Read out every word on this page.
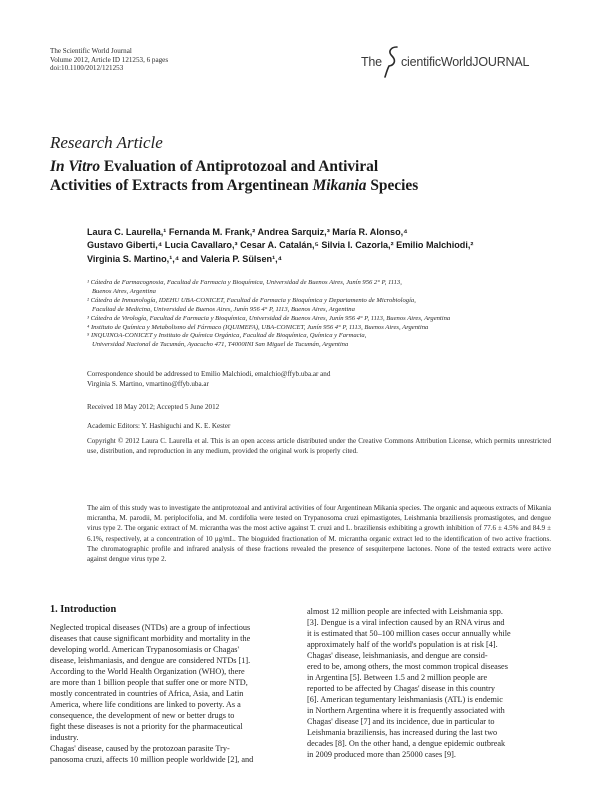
The Scientific World Journal
Volume 2012, Article ID 121253, 6 pages
doi:10.1100/2012/121253	The cientificWorldJOURNAL
Research Article
In Vitro Evaluation of Antiprotozoal and Antiviral
Activities of Extracts from Argentinean Mikania Species
Laura C. Laurella,¹ Fernanda M. Frank,² Andrea Sarquiz,³ María R. Alonso,⁴
Gustavo Giberti,⁴ Lucia Cavallaro,³ Cesar A. Catalán,⁵ Silvia I. Cazorla,² Emilio Malchiodi,²
Virginia S. Martino,¹,⁴ and Valeria P. Sülsen¹,⁴
¹ Cátedra de Farmacognosia, Facultad de Farmacia y Bioquímica, Universidad de Buenos Aires, Junín 956 2° P, 1113,
Buenos Aires, Argentina
² Cátedra de Inmunología, IDEHU UBA-CONICET, Facultad de Farmacia y Bioquímica y Departamento de Microbiología,
Facultad de Medicina, Universidad de Buenos Aires, Junín 956 4° P, 1113, Buenos Aires, Argentina
³ Cátedra de Virología, Facultad de Farmacia y Bioquímica, Universidad de Buenos Aires, Junín 956 4° P, 1113, Buenos Aires, Argentina
⁴ Instituto de Química y Metabolismo del Fármaco (IQUIMEFA), UBA-CONICET, Junín 956 4° P, 1113, Buenos Aires, Argentina
⁵ INQUINOA-CONICET y Instituto de Química Orgánica, Facultad de Bioquímica, Química y Farmacia,
Universidad Nacional de Tucumán, Ayacucho 471, T4000INI San Miguel de Tucumán, Argentina
Correspondence should be addressed to Emilio Malchiodi, emalchio@ffyb.uba.ar and
Virginia S. Martino, vmartino@ffyb.uba.ar
Received 18 May 2012; Accepted 5 June 2012
Academic Editors: Y. Hashiguchi and K. E. Kester
Copyright © 2012 Laura C. Laurella et al. This is an open access article distributed under the Creative Commons Attribution License, which permits unrestricted use, distribution, and reproduction in any medium, provided the original work is properly cited.
The aim of this study was to investigate the antiprotozoal and antiviral activities of four Argentinean Mikania species. The organic and aqueous extracts of Mikania micrantha, M. parodii, M. periplocifolia, and M. cordifolia were tested on Trypanosoma cruzi epimastigotes, Leishmania braziliensis promastigotes, and dengue virus type 2. The organic extract of M. micrantha was the most active against T. cruzi and L. braziliensis exhibiting a growth inhibition of 77.6 ± 4.5% and 84.9 ± 6.1%, respectively, at a concentration of 10 μg/mL. The bioguided fractionation of M. micrantha organic extract led to the identification of two active fractions. The chromatographic profile and infrared analysis of these fractions revealed the presence of sesquiterpene lactones. None of the tested extracts were active against dengue virus type 2.
1. Introduction
Neglected tropical diseases (NTDs) are a group of infectious
diseases that cause significant morbidity and mortality in the
developing world. American Trypanosomiasis or Chagas'
disease, leishmaniasis, and dengue are considered NTDs [1].
According to the World Health Organization (WHO), there
are more than 1 billion people that suffer one or more NTD,
mostly concentrated in countries of Africa, Asia, and Latin
America, where life conditions are linked to poverty. As a
consequence, the development of new or better drugs to
fight these diseases is not a priority for the pharmaceutical
industry.
Chagas' disease, caused by the protozoan parasite Try-
panosoma cruzi, affects 10 million people worldwide [2], and
almost 12 million people are infected with Leishmania spp.
[3]. Dengue is a viral infection caused by an RNA virus and
it is estimated that 50–100 million cases occur annually while
approximately half of the world's population is at risk [4].
Chagas' disease, leishmaniasis, and dengue are consid-
ered to be, among others, the most common tropical diseases
in Argentina [5]. Between 1.5 and 2 million people are
reported to be affected by Chagas' disease in this country
[6]. American tegumentary leishmaniasis (ATL) is endemic
in Northern Argentina where it is frequently associated with
Chagas' disease [7] and its incidence, due in particular to
Leishmania braziliensis, has increased during the last two
decades [8]. On the other hand, a dengue epidemic outbreak
in 2009 produced more than 25000 cases [9].
